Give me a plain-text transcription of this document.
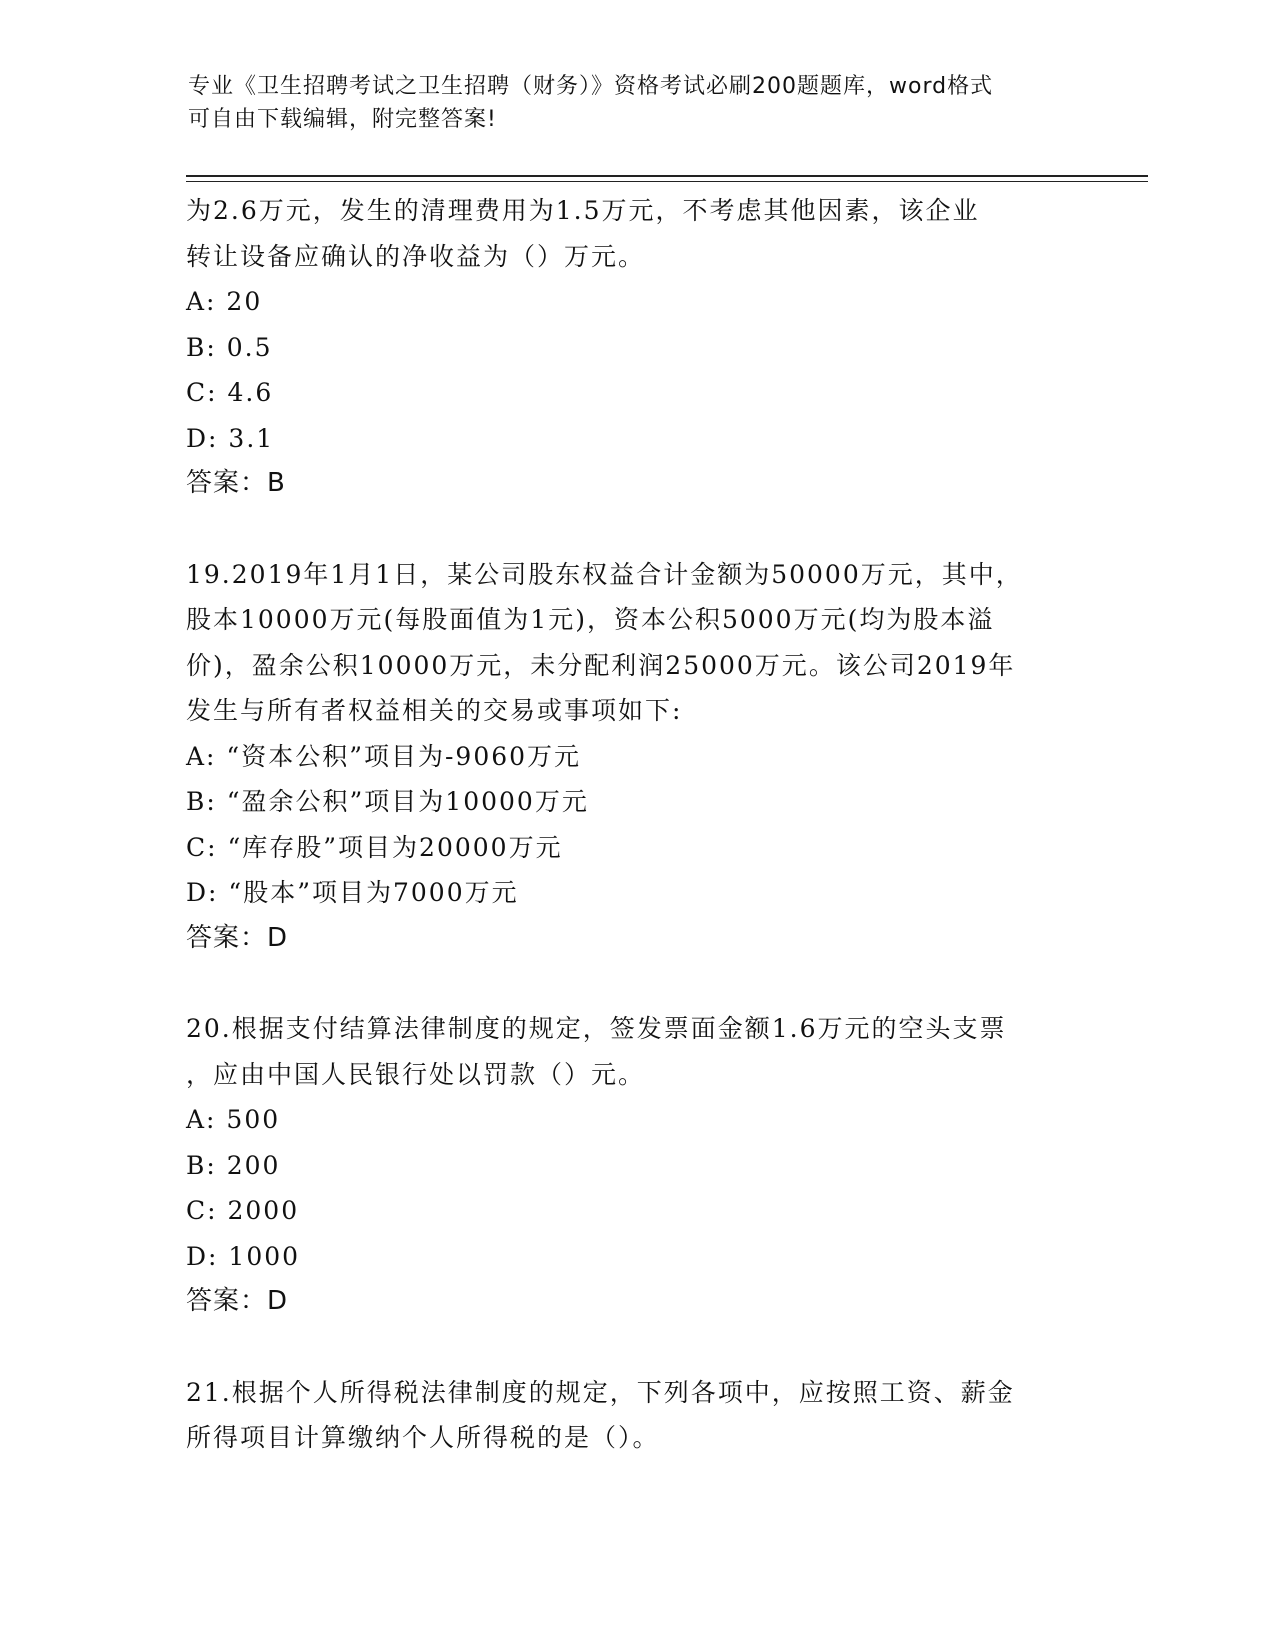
专业《卫生招聘考试之卫生招聘（财务）》资格考试必刷200题题库，word格式
可自由下载编辑，附完整答案!
为2.6万元，发生的清理费用为1.5万元，不考虑其他因素，该企业
转让设备应确认的净收益为（）万元。
A: 20
B: 0.5
C: 4.6
D: 3.1
答案：B
19.2019年1月1日，某公司股东权益合计金额为50000万元，其中，
股本10000万元(每股面值为1元)，资本公积5000万元(均为股本溢
价)，盈余公积10000万元，未分配利润25000万元。该公司2019年
发生与所有者权益相关的交易或事项如下:
A: “资本公积”项目为-9060万元
B: “盈余公积”项目为10000万元
C: “库存股”项目为20000万元
D: “股本”项目为7000万元
答案：D
20.根据支付结算法律制度的规定，签发票面金额1.6万元的空头支票
，应由中国人民银行处以罚款（）元。
A: 500
B: 200
C: 2000
D: 1000
答案：D
21.根据个人所得税法律制度的规定，下列各项中，应按照工资、薪金
所得项目计算缴纳个人所得税的是（）。
